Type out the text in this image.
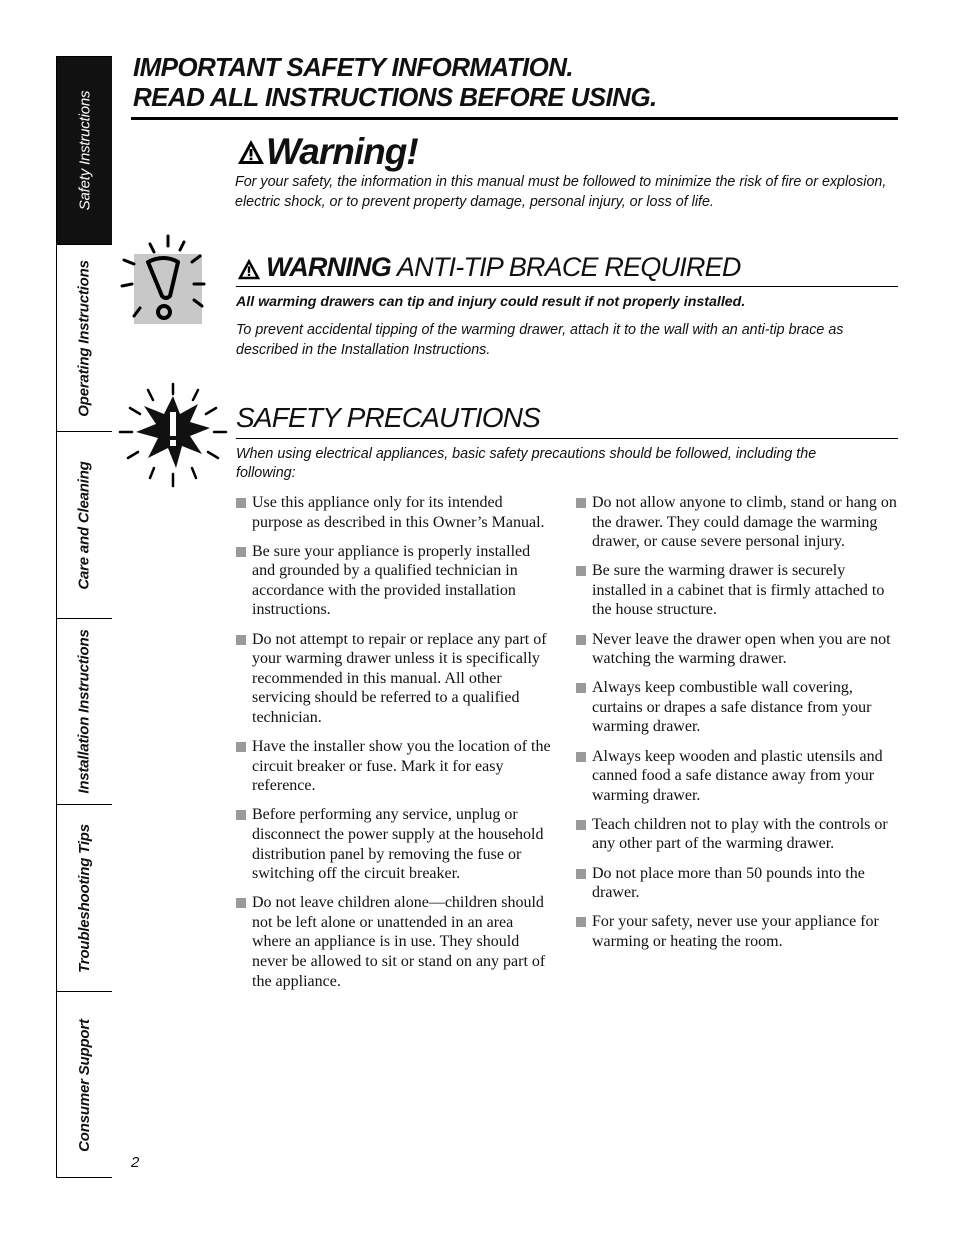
Safety Instructions
Operating Instructions
Care and Cleaning
Installation Instructions
Troubleshooting Tips
Consumer Support
IMPORTANT SAFETY INFORMATION.
READ ALL INSTRUCTIONS BEFORE USING.
Warning!
For your safety, the information in this manual must be followed to minimize the risk of fire or explosion, electric shock, or to prevent property damage, personal injury, or loss of life.
WARNING ANTI-TIP BRACE REQUIRED
All warming drawers can tip and injury could result if not properly installed.
To prevent accidental tipping of the warming drawer, attach it to the wall with an anti-tip brace as described in the Installation Instructions.
SAFETY PRECAUTIONS
When using electrical appliances, basic safety precautions should be followed, including the following:
Use this appliance only for its intended purpose as described in this Owner’s Manual.
Be sure your appliance is properly installed and grounded by a qualified technician in accordance with the provided installation instructions.
Do not attempt to repair or replace any part of your warming drawer unless it is specifically recommended in this manual. All other servicing should be referred to a qualified technician.
Have the installer show you the location of the circuit breaker or fuse. Mark it for easy reference.
Before performing any service, unplug or disconnect the power supply at the household distribution panel by removing the fuse or switching off the circuit breaker.
Do not leave children alone—children should not be left alone or unattended in an area where an appliance is in use. They should never be allowed to sit or stand on any part of the appliance.
Do not allow anyone to climb, stand or hang on the drawer. They could damage the warming drawer, or cause severe personal injury.
Be sure the warming drawer is securely installed in a cabinet that is firmly attached to the house structure.
Never leave the drawer open when you are not watching the warming drawer.
Always keep combustible wall covering, curtains or drapes a safe distance from your warming drawer.
Always keep wooden and plastic utensils and canned food a safe distance away from your warming drawer.
Teach children not to play with the controls or any other part of the warming drawer.
Do not place more than 50 pounds into the drawer.
For your safety, never use your appliance for warming or heating the room.
2
